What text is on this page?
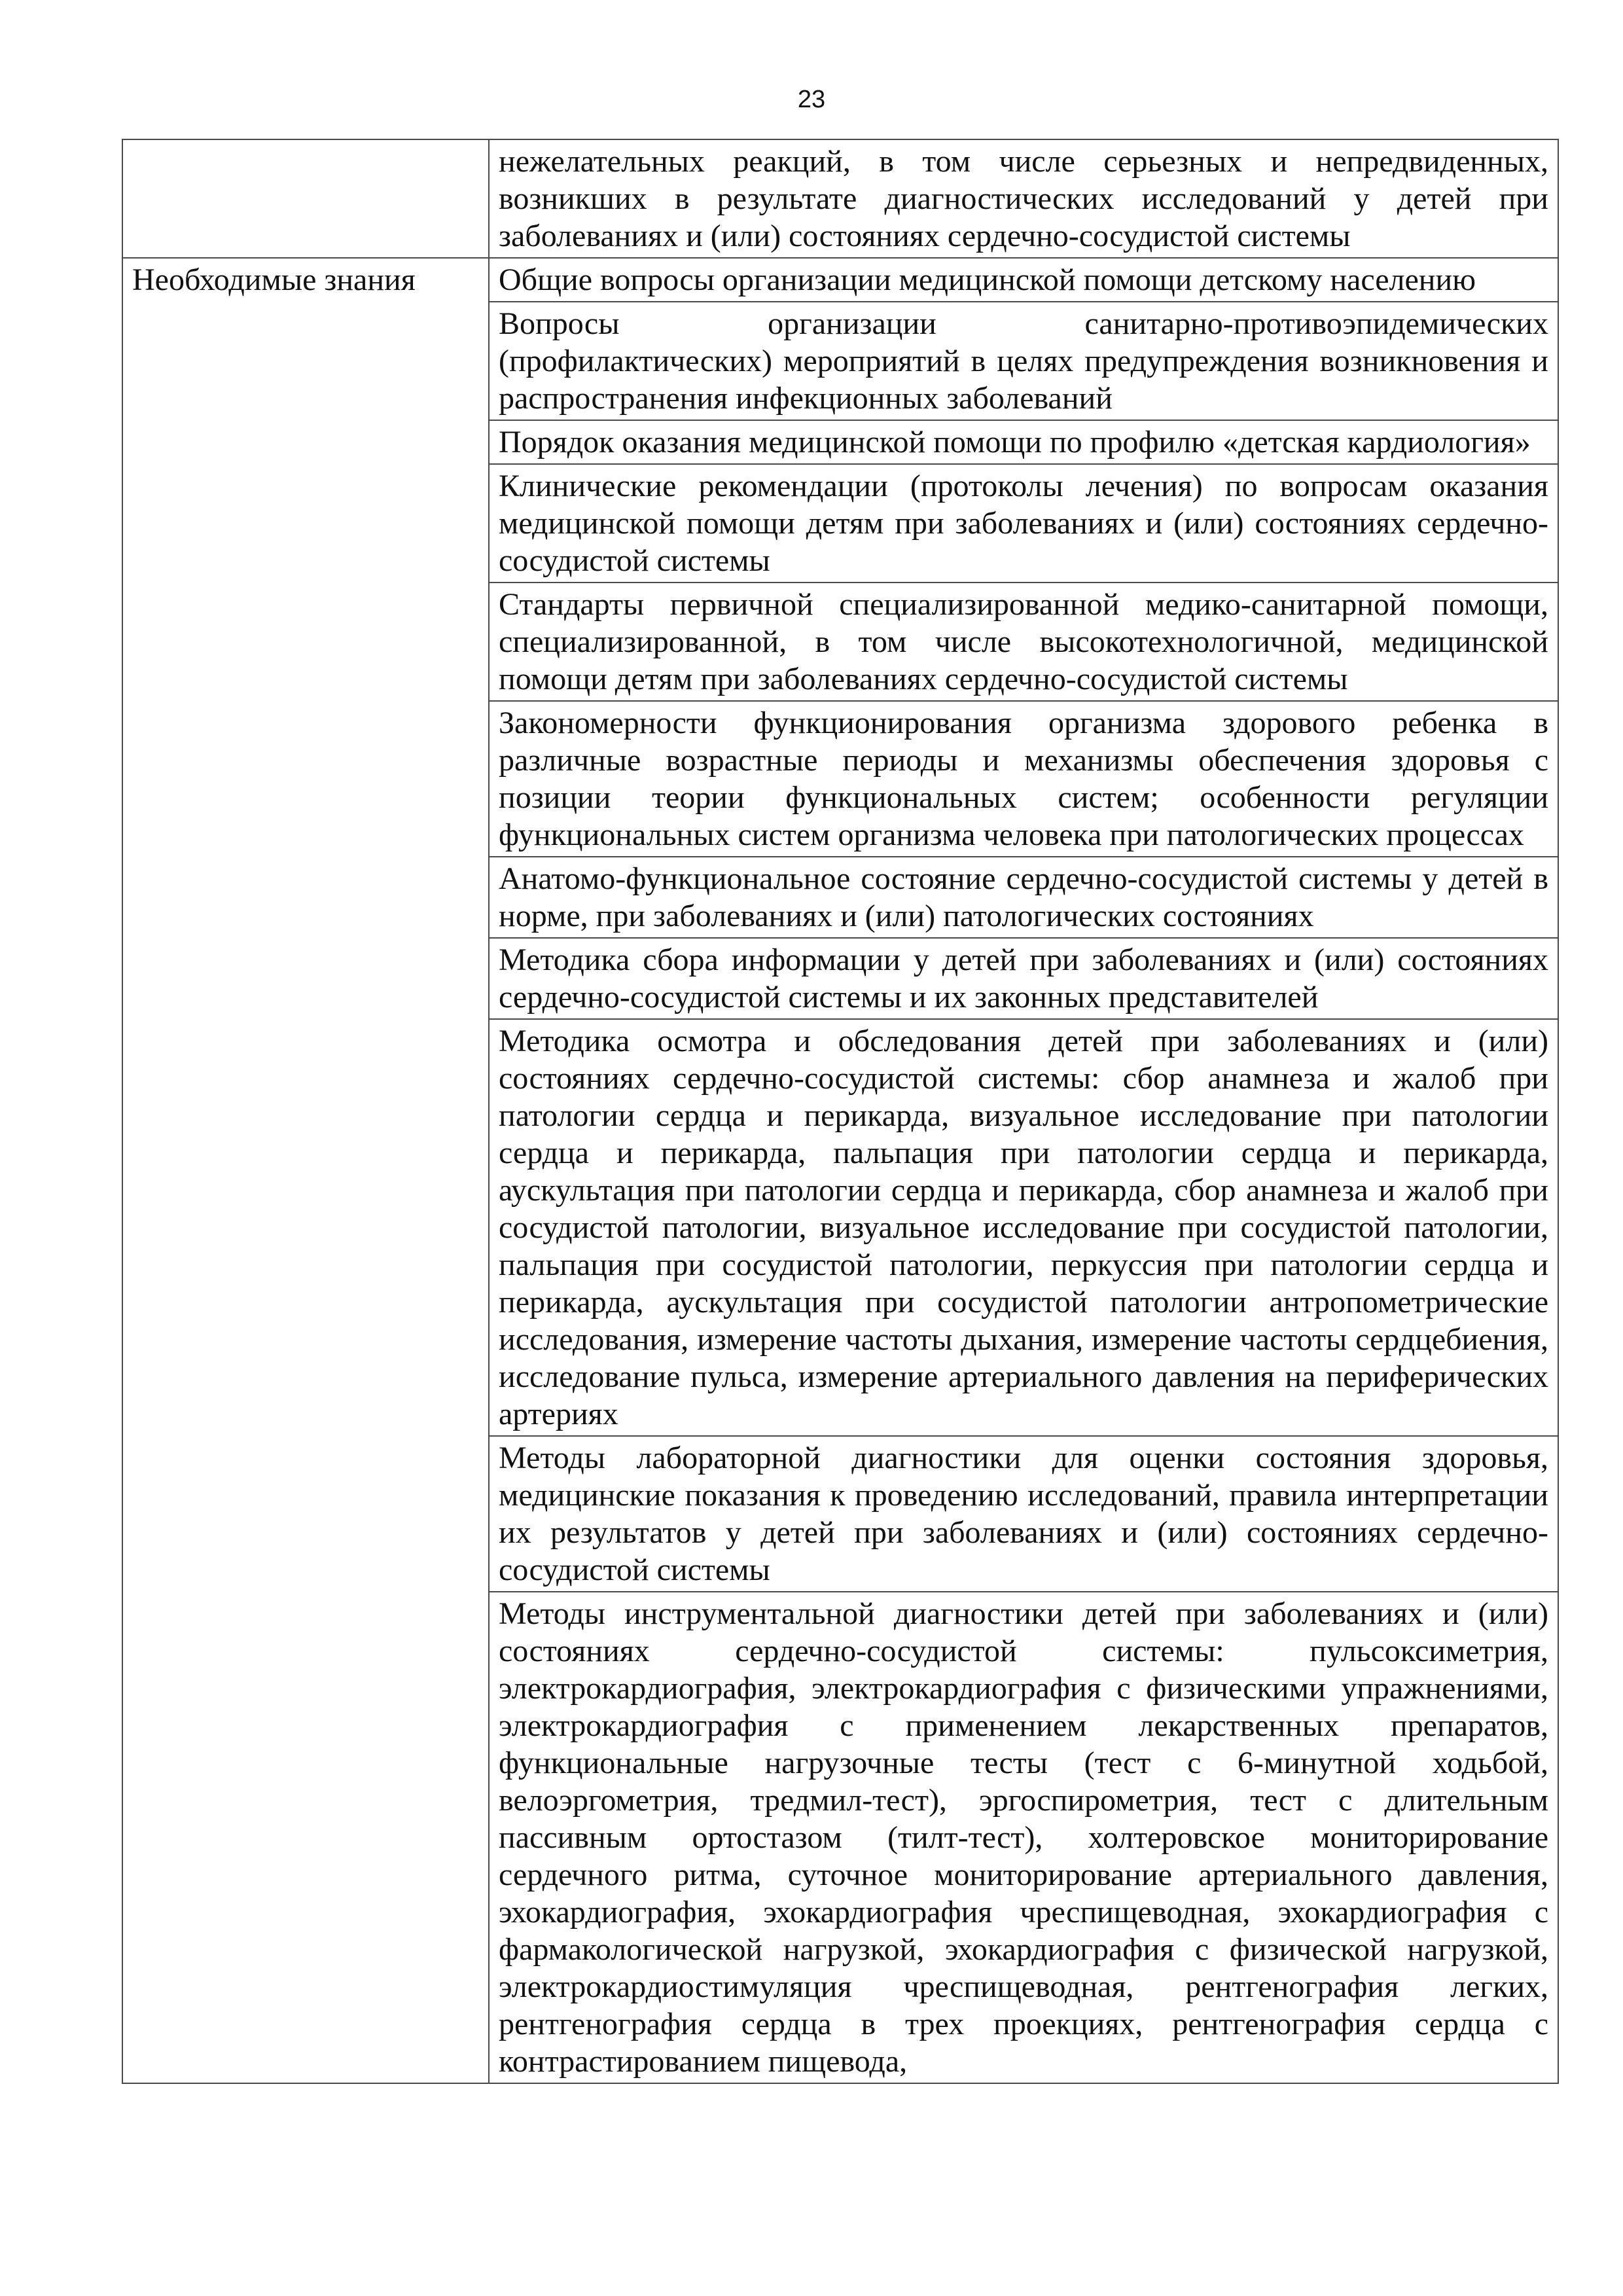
23
	нежелательных реакций, в том числе серьезных и непредвиденных, возникших в результате диагностических исследований у детей при заболеваниях и (или) состояниях сердечно-сосудистой системы
Необходимые знания	Общие вопросы организации медицинской помощи детскому населению
	Вопросы организации санитарно-противоэпидемических (профилактических) мероприятий в целях предупреждения возникновения и распространения инфекционных заболеваний
	Порядок оказания медицинской помощи по профилю «детская кардиология»
	Клинические рекомендации (протоколы лечения) по вопросам оказания медицинской помощи детям при заболеваниях и (или) состояниях сердечно-сосудистой системы
	Стандарты первичной специализированной медико-санитарной помощи, специализированной, в том числе высокотехнологичной, медицинской помощи детям при заболеваниях сердечно-сосудистой системы
	Закономерности функционирования организма здорового ребенка в различные возрастные периоды и механизмы обеспечения здоровья с позиции теории функциональных систем; особенности регуляции функциональных систем организма человека при патологических процессах
	Анатомо-функциональное состояние сердечно-сосудистой системы у детей в норме, при заболеваниях и (или) патологических состояниях
	Методика сбора информации у детей при заболеваниях и (или) состояниях сердечно-сосудистой системы и их законных представителей
	Методика осмотра и обследования детей при заболеваниях и (или) состояниях сердечно-сосудистой системы: сбор анамнеза и жалоб при патологии сердца и перикарда, визуальное исследование при патологии сердца и перикарда, пальпация при патологии сердца и перикарда, аускультация при патологии сердца и перикарда, сбор анамнеза и жалоб при сосудистой патологии, визуальное исследование при сосудистой патологии, пальпация при сосудистой патологии, перкуссия при патологии сердца и перикарда, аускультация при сосудистой патологии антропометрические исследования, измерение частоты дыхания, измерение частоты сердцебиения, исследование пульса, измерение артериального давления на периферических артериях
	Методы лабораторной диагностики для оценки состояния здоровья, медицинские показания к проведению исследований, правила интерпретации их результатов у детей при заболеваниях и (или) состояниях сердечно-сосудистой системы
	Методы инструментальной диагностики детей при заболеваниях и (или) состояниях сердечно-сосудистой системы: пульсоксиметрия, электрокардиография, электрокардиография с физическими упражнениями, электрокардиография с применением лекарственных препаратов, функциональные нагрузочные тесты (тест с 6-минутной ходьбой, велоэргометрия, тредмил-тест), эргоспирометрия, тест с длительным пассивным ортостазом (тилт-тест), холтеровское мониторирование сердечного ритма, суточное мониторирование артериального давления, эхокардиография, эхокардиография чреспищеводная, эхокардиография с фармакологической нагрузкой, эхокардиография с физической нагрузкой, электрокардиостимуляция чреспищеводная, рентгенография легких, рентгенография сердца в трех проекциях, рентгенография сердца с контрастированием пищевода,
